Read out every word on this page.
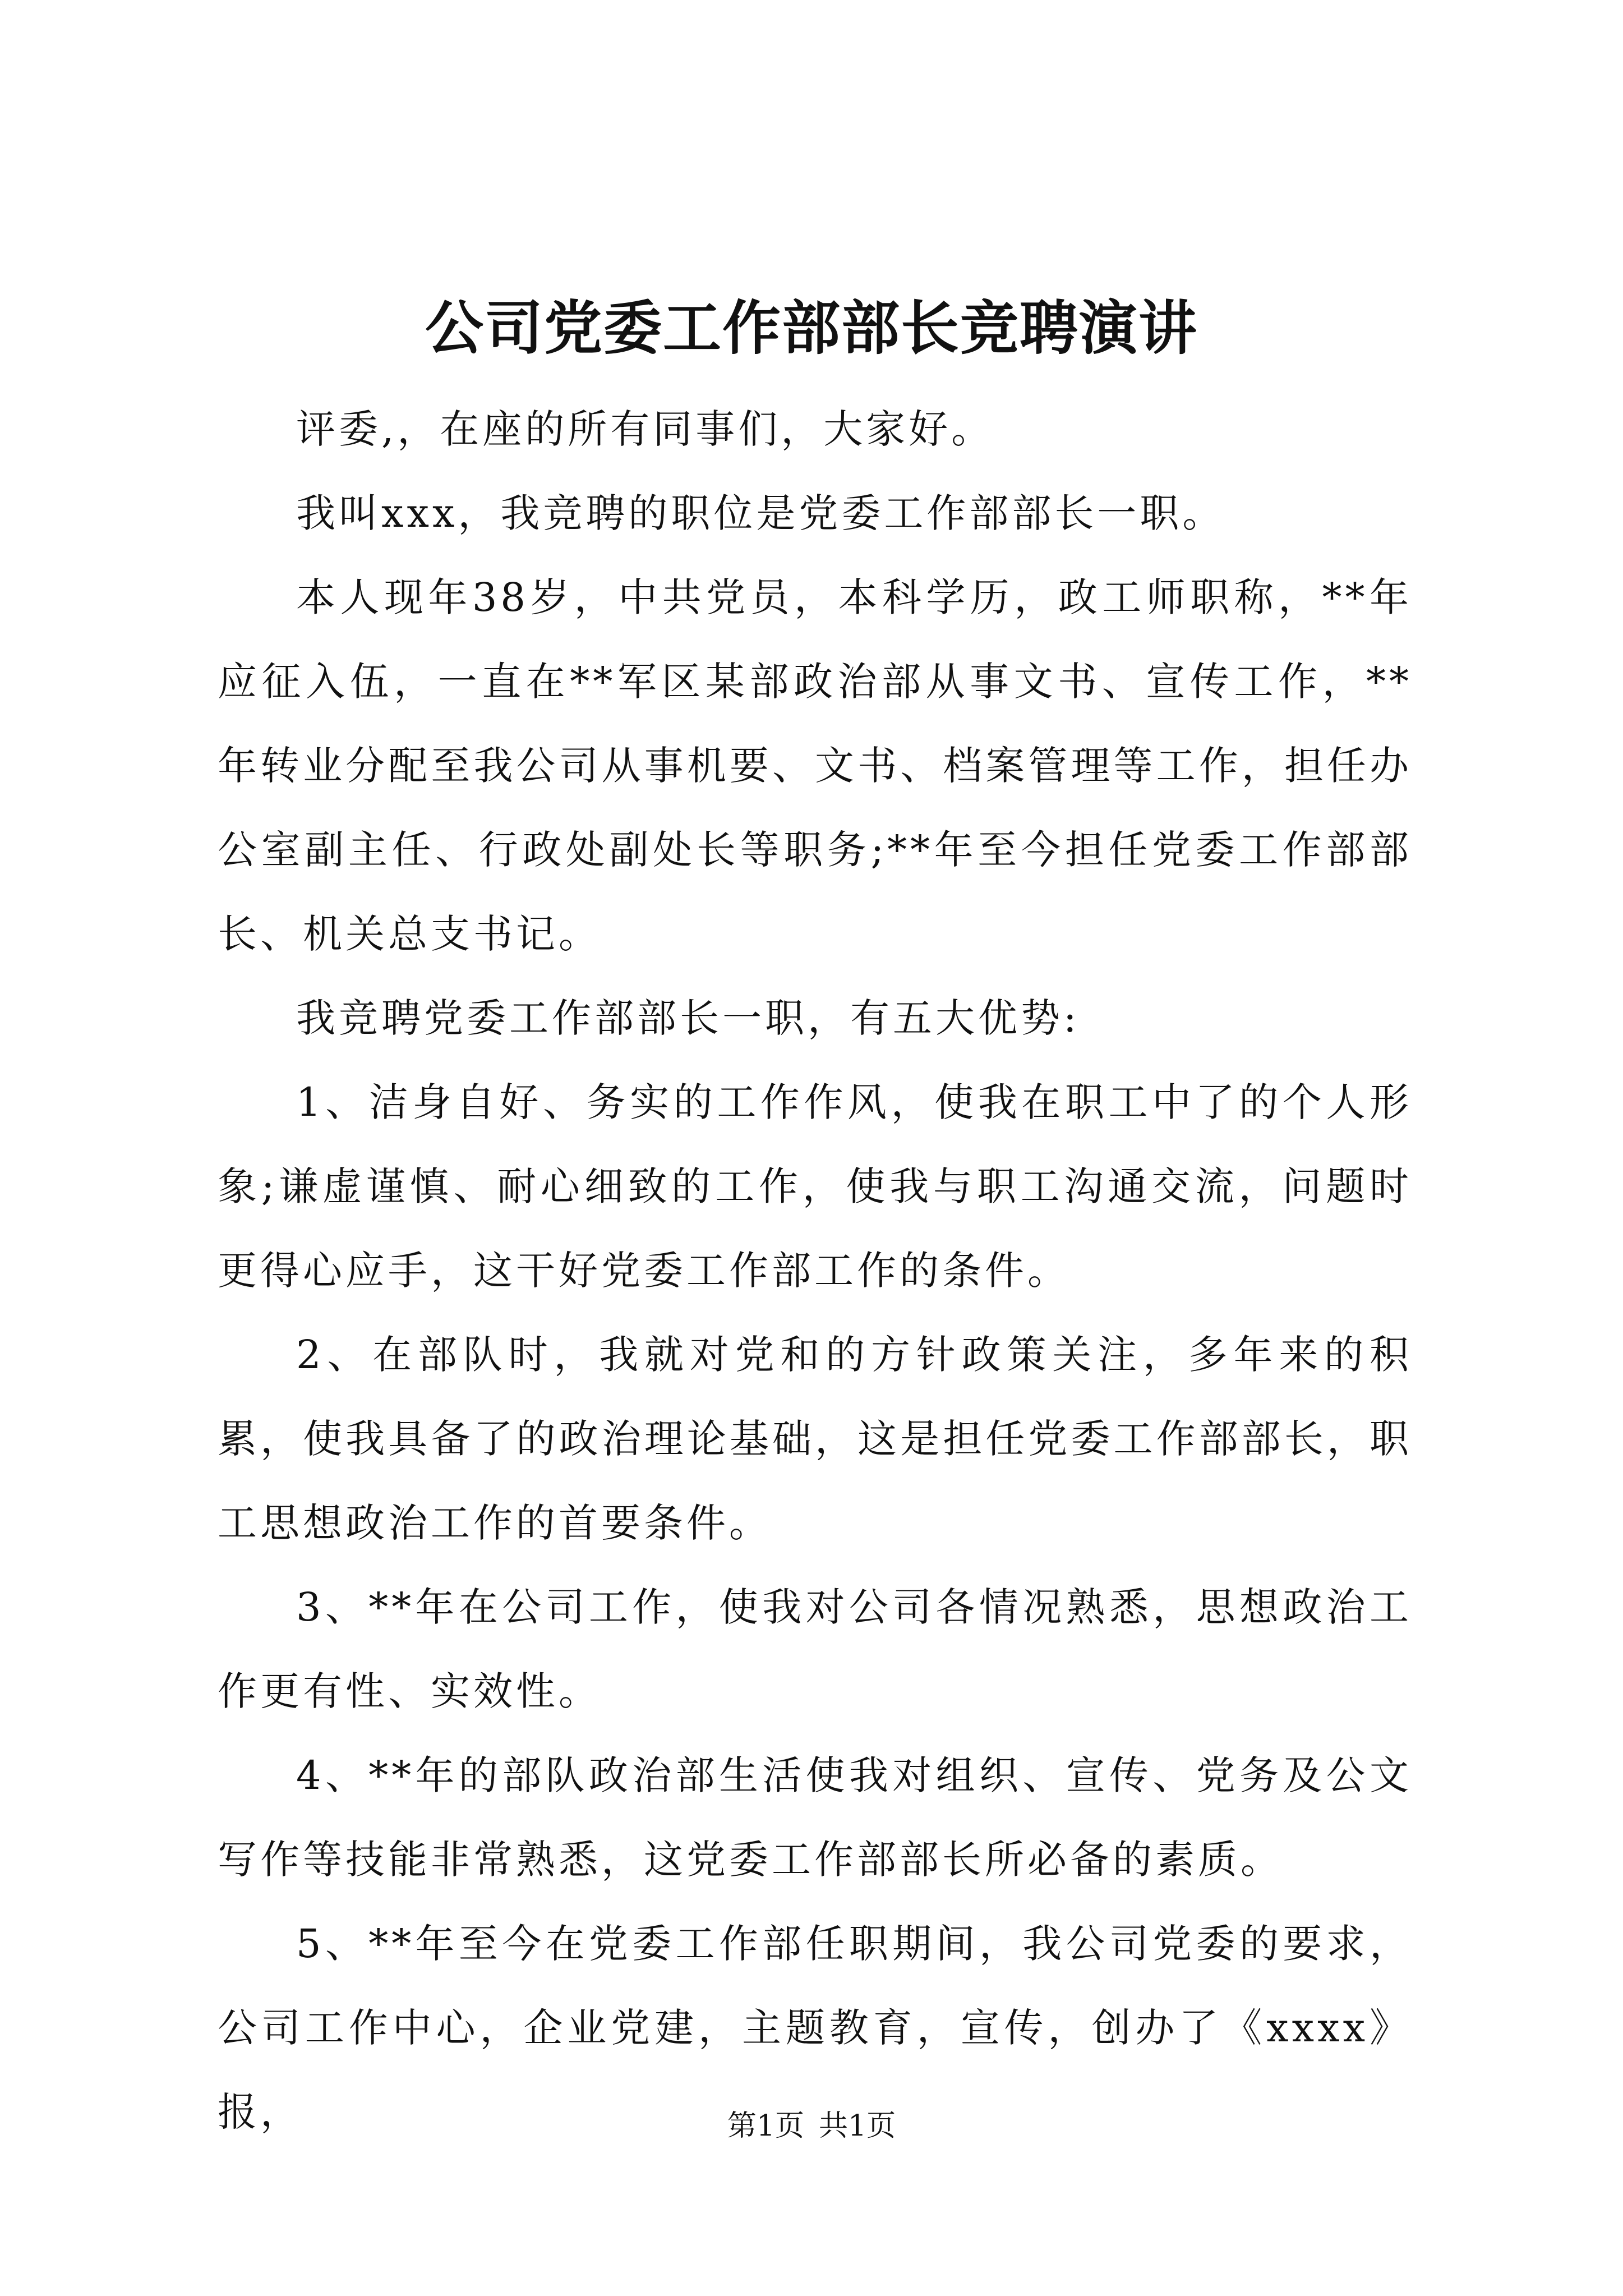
公司党委工作部部长竞聘演讲

评委,，在座的所有同事们，大家好。

我叫xxx，我竞聘的职位是党委工作部部长一职。

本人现年38岁，中共党员，本科学历，政工师职称，**年应征入伍，一直在**军区某部政治部从事文书、宣传工作，**年转业分配至我公司从事机要、文书、档案管理等工作，担任办公室副主任、行政处副处长等职务;**年至今担任党委工作部部长、机关总支书记。

我竞聘党委工作部部长一职，有五大优势:

1、洁身自好、务实的工作作风，使我在职工中了的个人形象;谦虚谨慎、耐心细致的工作，使我与职工沟通交流，问题时更得心应手，这干好党委工作部工作的条件。

2、在部队时，我就对党和的方针政策关注，多年来的积累，使我具备了的政治理论基础，这是担任党委工作部部长，职工思想政治工作的首要条件。

3、**年在公司工作，使我对公司各情况熟悉，思想政治工作更有性、实效性。

4、**年的部队政治部生活使我对组织、宣传、党务及公文写作等技能非常熟悉，这党委工作部部长所必备的素质。

5、**年至今在党委工作部任职期间，我公司党委的要求，公司工作中心，企业党建，主题教育，宣传，创办了《xxxx》报，	第1页 共1页
